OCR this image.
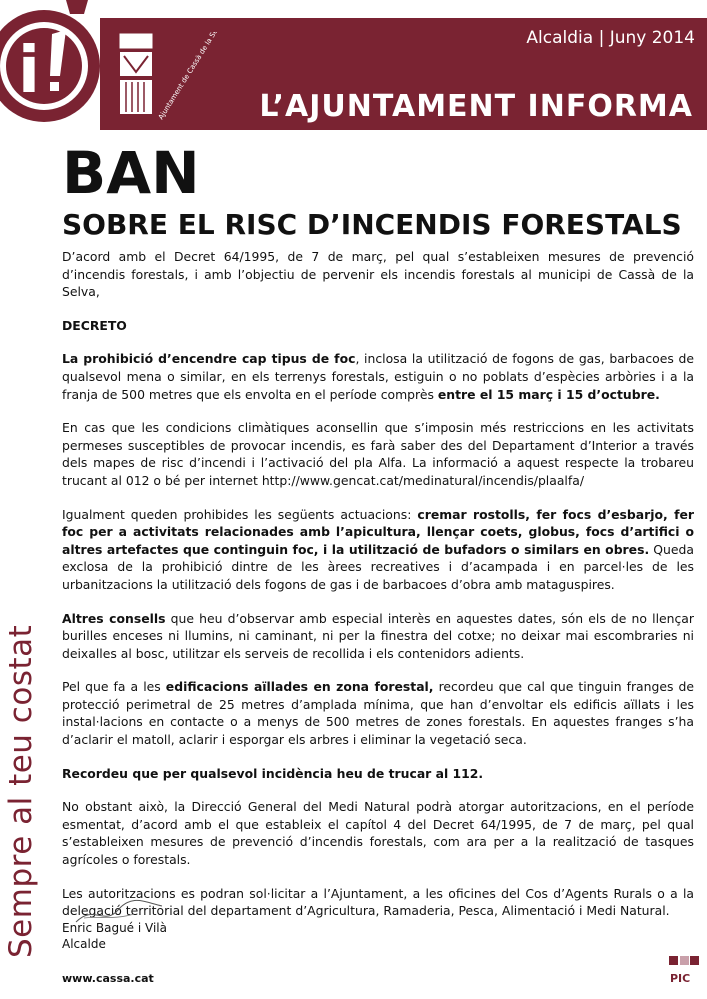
i	Alcaldia | Juny 2014
L’AJUNTAMENT INFORMA
Ajuntament de Cassà de la Selva
Sempre al teu costat
BAN
SOBRE EL RISC D’INCENDIS FORESTALS

D’acord amb el Decret 64/1995, de 7 de març, pel qual s’estableixen mesures de prevenció d’incendis forestals, i amb l’objectiu de pervenir els incendis forestals al municipi de Cassà de la Selva,

DECRETO

La prohibició d’encendre cap tipus de foc, inclosa la utilització de fogons de gas, barbacoes de qualsevol mena o similar, en els terrenys forestals, estiguin o no poblats d’espècies arbòries i a la franja de 500 metres que els envolta en el període comprès entre el 15 març i 15 d’octubre.

En cas que les condicions climàtiques aconsellin que s’imposin més restriccions en les activitats permeses susceptibles de provocar incendis, es farà saber des del Departament d’Interior a través dels mapes de risc d’incendi i l’activació del pla Alfa. La informació a aquest respecte la trobareu trucant al 012 o bé per internet http://www.gencat.cat/medinatural/incendis/plaalfa/

Igualment queden prohibides les següents actuacions: cremar rostolls, fer focs d’esbarjo, fer foc per a activitats relacionades amb l’apicultura, llençar coets, globus, focs d’artifici o altres artefactes que continguin foc, i la utilització de bufadors o similars en obres. Queda exclosa de la prohibició dintre de les àrees recreatives i d’acampada i en parcel·les de les urbanitzacions la utilització dels fogons de gas i de barbacoes d’obra amb mataguspires.

Altres consells que heu d’observar amb especial interès en aquestes dates, són els de no llençar burilles enceses ni llumins, ni caminant, ni per la finestra del cotxe; no deixar mai escombraries ni deixalles al bosc, utilitzar els serveis de recollida i els contenidors adients.

Pel que fa a les edificacions aïllades en zona forestal, recordeu que cal que tinguin franges de protecció perimetral de 25 metres d’amplada mínima, que han d’envoltar els edificis aïllats i les instal·lacions en contacte o a menys de 500 metres de zones forestals. En aquestes franges s’ha d’aclarir el matoll, aclarir i esporgar els arbres i eliminar la vegetació seca.

Recordeu que per qualsevol incidència heu de trucar al 112.

No obstant això, la Direcció General del Medi Natural podrà atorgar autoritzacions, en el període esmentat, d’acord amb el que estableix el capítol 4 del Decret 64/1995, de 7 de març, pel qual s’estableixen mesures de prevenció d’incendis forestals, com ara per a la realització de tasques agrícoles o forestals.

Les autoritzacions es podran sol·licitar a l’Ajuntament, a les oficines del Cos d’Agents Rurals o a la delegació territorial del departament d’Agricultura, Ramaderia, Pesca, Alimentació i Medi Natural.

Enric Bagué i Vilà
Alcalde
www.cassa.cat	PIC
